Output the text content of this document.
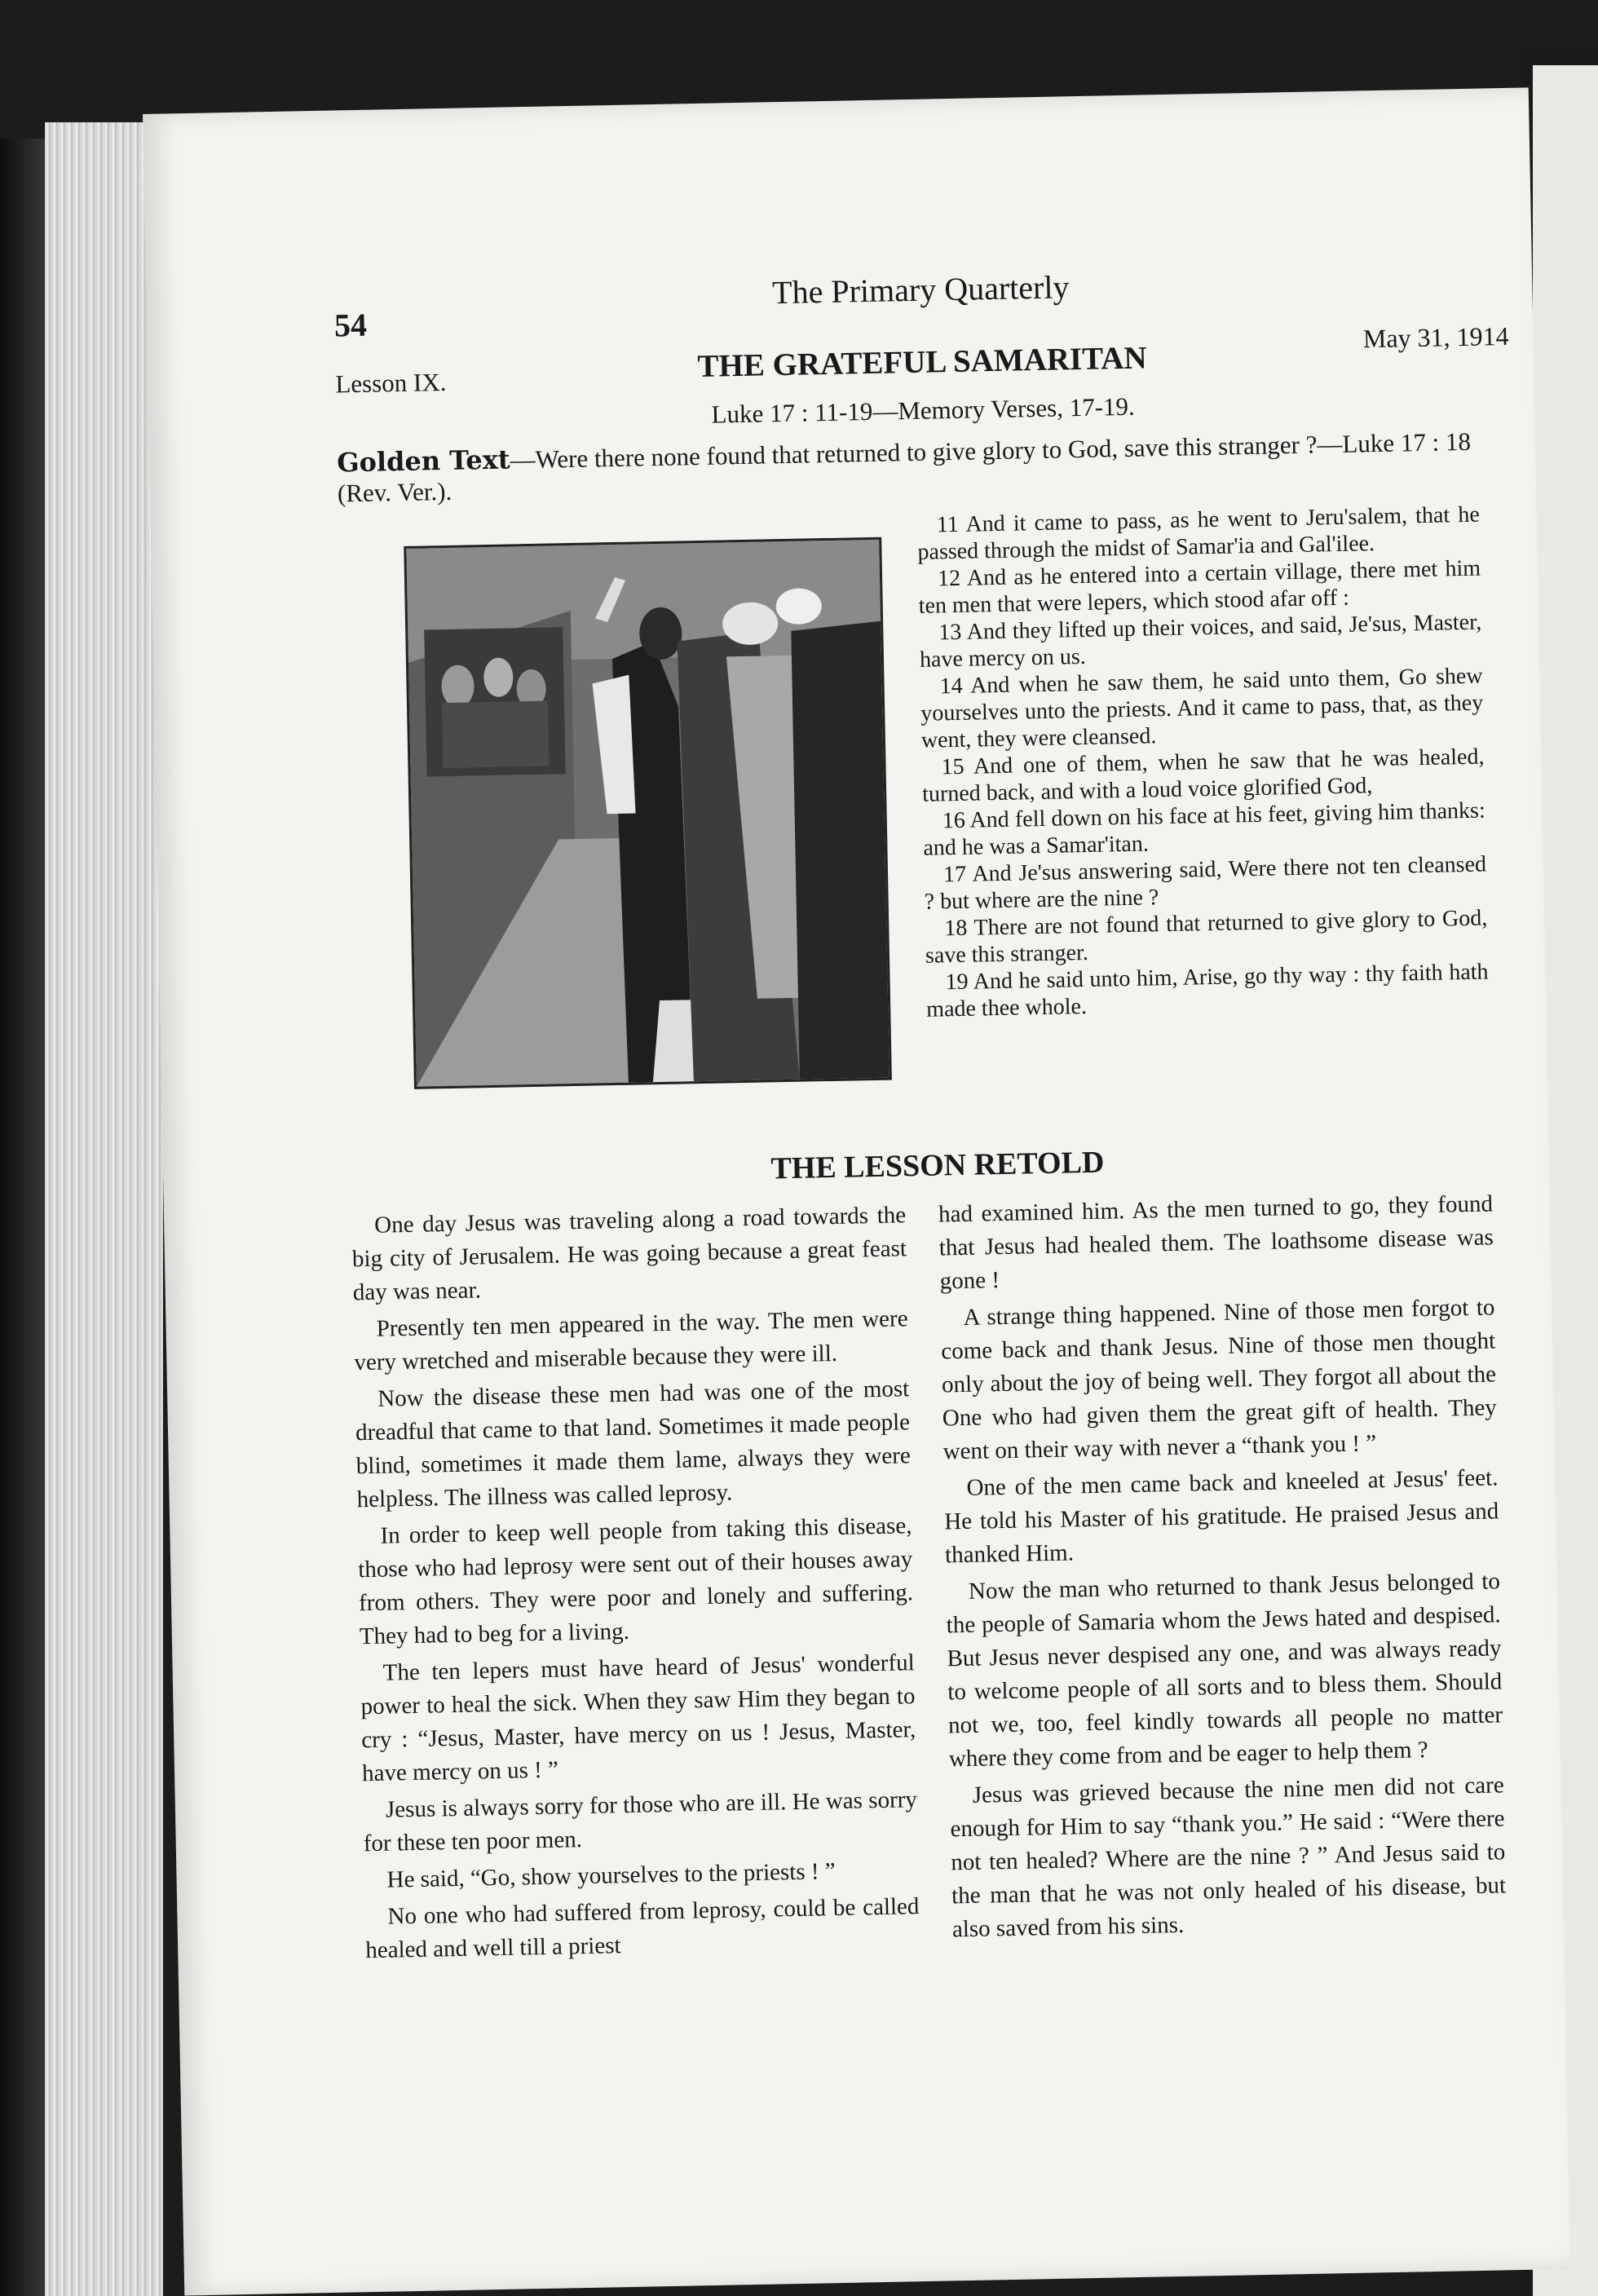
The Primary Quarterly
54
Lesson IX.	THE GRATEFUL SAMARITAN
May 31, 1914
Luke 17 : 11-19—Memory Verses, 17-19.
Golden Text—Were there none found that returned to give glory to God, save this stranger ?—Luke 17 : 18 (Rev. Ver.).

11 And it came to pass, as he went to Jeru'salem, that he passed through the midst of Samar'ia and Gal'ilee.

12 And as he entered into a certain village, there met him ten men that were lepers, which stood afar off :

13 And they lifted up their voices, and said, Je'sus, Master, have mercy on us.

14 And when he saw them, he said unto them, Go shew yourselves unto the priests. And it came to pass, that, as they went, they were cleansed.

15 And one of them, when he saw that he was healed, turned back, and with a loud voice glorified God,

16 And fell down on his face at his feet, giving him thanks: and he was a Samar'itan.

17 And Je'sus answering said, Were there not ten cleansed ? but where are the nine ?

18 There are not found that returned to give glory to God, save this stranger.

19 And he said unto him, Arise, go thy way : thy faith hath made thee whole.

THE LESSON RETOLD

One day Jesus was traveling along a road towards the big city of Jerusalem. He was going because a great feast day was near.

Presently ten men appeared in the way. The men were very wretched and miserable because they were ill.

Now the disease these men had was one of the most dreadful that came to that land. Sometimes it made people blind, sometimes it made them lame, always they were helpless. The illness was called leprosy.

In order to keep well people from taking this disease, those who had leprosy were sent out of their houses away from others. They were poor and lonely and suffering. They had to beg for a living.

The ten lepers must have heard of Jesus' wonderful power to heal the sick. When they saw Him they began to cry : “Jesus, Master, have mercy on us ! Jesus, Master, have mercy on us ! ”

Jesus is always sorry for those who are ill. He was sorry for these ten poor men.

He said, “Go, show yourselves to the priests ! ”

No one who had suffered from leprosy, could be called healed and well till a priest

had examined him. As the men turned to go, they found that Jesus had healed them. The loathsome disease was gone !

A strange thing happened. Nine of those men forgot to come back and thank Jesus. Nine of those men thought only about the joy of being well. They forgot all about the One who had given them the great gift of health. They went on their way with never a “thank you ! ”

One of the men came back and kneeled at Jesus' feet. He told his Master of his gratitude. He praised Jesus and thanked Him.

Now the man who returned to thank Jesus belonged to the people of Samaria whom the Jews hated and despised. But Jesus never despised any one, and was always ready to welcome people of all sorts and to bless them. Should not we, too, feel kindly towards all people no matter where they come from and be eager to help them ?

Jesus was grieved because the nine men did not care enough for Him to say “thank you.” He said : “Were there not ten healed? Where are the nine ? ” And Jesus said to the man that he was not only healed of his disease, but also saved from his sins.
